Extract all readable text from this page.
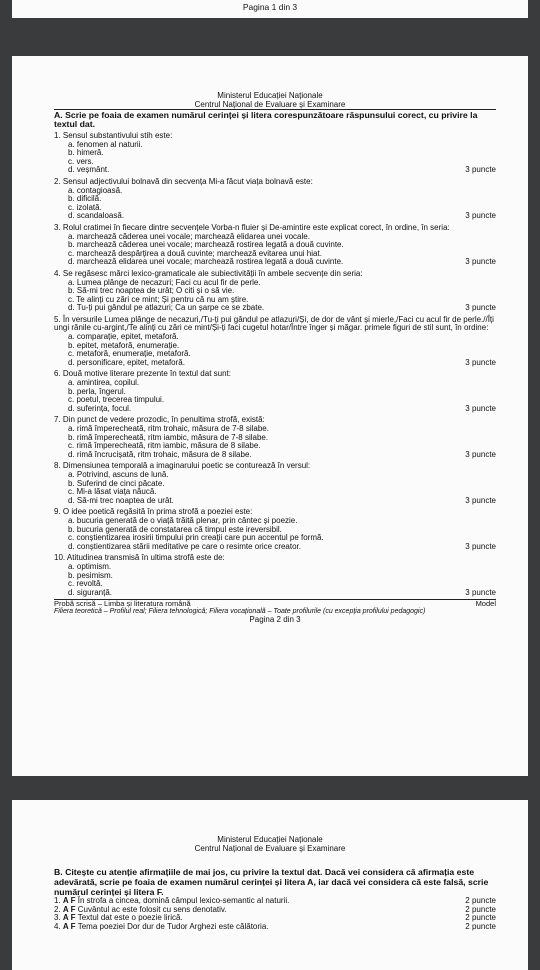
Pagina 1 din 3
Ministerul Educației Naționale
Centrul Național de Evaluare și Examinare
A. Scrie pe foaia de examen numărul cerinței și litera corespunzătoare răspunsului corect, cu privire la textul dat.
1. Sensul substantivului stih este:
a. fenomen al naturii.
b. himeră.
c. vers.
d. veșmânt.	3 puncte
2. Sensul adjectivului bolnavă din secvența Mi-a făcut viața bolnavă este:
a. contagioasă.
b. dificilă.
c. izolată.
d. scandaloasă.	3 puncte
3. Rolul cratimei în fiecare dintre secvențele Vorba-n fluier și De-amintire este explicat corect, în ordine, în seria:
a. marchează căderea unei vocale; marchează elidarea unei vocale.
b. marchează căderea unei vocale; marchează rostirea legată a două cuvinte.
c. marchează despărțirea a două cuvinte; marchează evitarea unui hiat.
d. marchează elidarea unei vocale; marchează rostirea legată a două cuvinte.	3 puncte
4. Se regăsesc mărci lexico-gramaticale ale subiectivității în ambele secvențe din seria:
a. Lumea plânge de necazuri; Faci cu acul fir de perle.
b. Să-mi trec noaptea de urât; O citi și o să vie.
c. Te alinți cu zări ce mint; Și pentru că nu am știre.
d. Tu-ți pui gândul pe atlazuri; Ca un șarpe ce se zbate.	3 puncte
5. În versurile Lumea plânge de necazuri,/Tu-ți pui gândul pe atlazuri/Și, de dor de vânt și mierle,/Faci cu acul fir de perle.//Îți ungi rănile cu-argint,/Te alinți cu zări ce mint/Și-ți faci cugetul hotar/Între înger și măgar. primele figuri de stil sunt, în ordine:
a. comparație, epitet, metaforă.
b. epitet, metaforă, enumerație.
c. metaforă, enumerație, metaforă.
d. personificare, epitet, metaforă.	3 puncte
6. Două motive literare prezente în textul dat sunt:
a. amintirea, copilul.
b. perla, îngerul.
c. poetul, trecerea timpului.
d. suferința, focul.	3 puncte
7. Din punct de vedere prozodic, în penultima strofă, există:
a. rimă împerecheată, ritm trohaic, măsura de 7-8 silabe.
b. rimă împerecheată, ritm iambic, măsura de 7-8 silabe.
c. rimă împerecheată, ritm iambic, măsura de 8 silabe.
d. rimă încrucișată, ritm trohaic, măsura de 8 silabe.	3 puncte
8. Dimensiunea temporală a imaginarului poetic se conturează în versul:
a. Potrivind, ascuns de lună.
b. Suferind de cinci păcate.
c. Mi-a lăsat viața năucă.
d. Să-mi trec noaptea de urât.	3 puncte
9. O idee poetică regăsită în prima strofă a poeziei este:
a. bucuria generată de o viață trăită plenar, prin cântec și poezie.
b. bucuria generată de constatarea că timpul este ireversibil.
c. conștientizarea irosirii timpului prin creații care pun accentul pe formă.
d. conștientizarea stării meditative pe care o resimte orice creator.	3 puncte
10. Atitudinea transmisă în ultima strofă este de:
a. optimism.
b. pesimism.
c. revoltă.
d. siguranță.	3 puncte
Probă scrisă – Limba și literatura română	Model
Filiera teoretică – Profilul real; Filiera tehnologică; Filiera vocațională – Toate profilurile (cu excepția profilului pedagogic)
Pagina 2 din 3
Ministerul Educației Naționale
Centrul Național de Evaluare și Examinare
B. Citește cu atenție afirmațiile de mai jos, cu privire la textul dat. Dacă vei considera că afirmația este adevărată, scrie pe foaia de examen numărul cerinței și litera A, iar dacă vei considera că este falsă, scrie numărul cerinței și litera F.
1. A F În strofa a cincea, domină câmpul lexico-semantic al naturii.	2 puncte
2. A F Cuvântul ac este folosit cu sens denotativ.	2 puncte
3. A F Textul dat este o poezie lirică.	2 puncte
4. A F Tema poeziei Dor dur de Tudor Arghezi este călătoria.	2 puncte
